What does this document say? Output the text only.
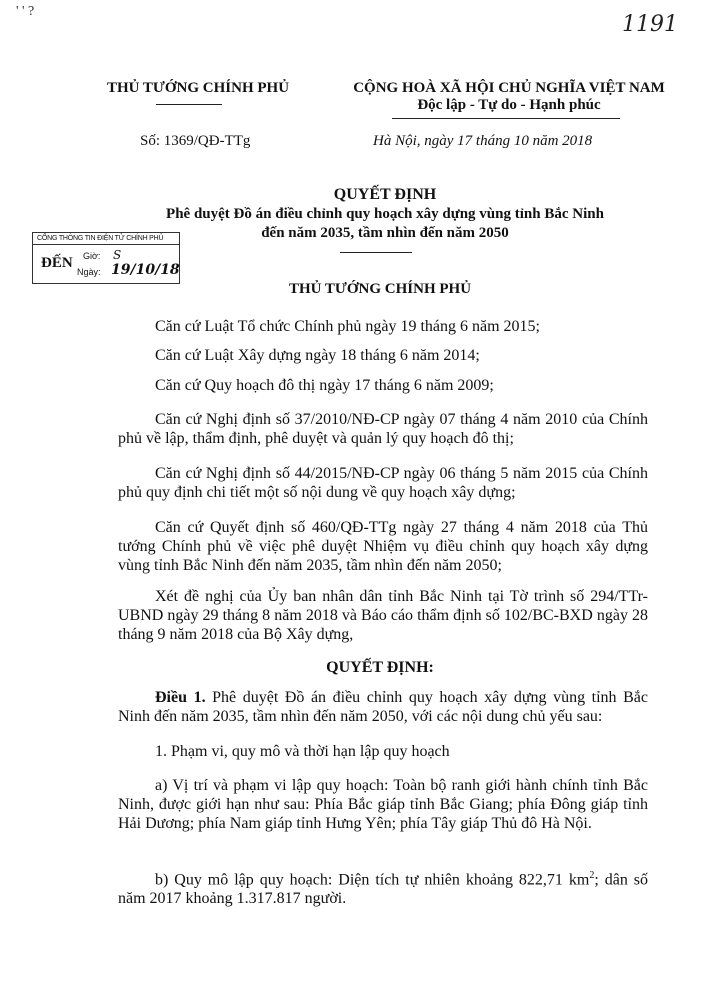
' ' ?
1191
THỦ TƯỚNG CHÍNH PHỦ
Số: 1369/QĐ-TTg
CỘNG HOÀ XÃ HỘI CHỦ NGHĨA VIỆT NAM
Độc lập - Tự do - Hạnh phúc
Hà Nội, ngày 17 tháng 10 năm 2018
QUYẾT ĐỊNH
Phê duyệt Đồ án điều chỉnh quy hoạch xây dựng vùng tỉnh Bắc Ninh
đến năm 2035, tầm nhìn đến năm 2050
CỔNG THÔNG TIN ĐIỆN TỬ CHÍNH PHỦ
ĐẾN Giờ: S
Ngày: 19/10/18
THỦ TƯỚNG CHÍNH PHỦ
Căn cứ Luật Tổ chức Chính phủ ngày 19 tháng 6 năm 2015;
Căn cứ Luật Xây dựng ngày 18 tháng 6 năm 2014;
Căn cứ Quy hoạch đô thị ngày 17 tháng 6 năm 2009;
Căn cứ Nghị định số 37/2010/NĐ-CP ngày 07 tháng 4 năm 2010 của Chính phủ về lập, thẩm định, phê duyệt và quản lý quy hoạch đô thị;
Căn cứ Nghị định số 44/2015/NĐ-CP ngày 06 tháng 5 năm 2015 của Chính phủ quy định chi tiết một số nội dung về quy hoạch xây dựng;
Căn cứ Quyết định số 460/QĐ-TTg ngày 27 tháng 4 năm 2018 của Thủ tướng Chính phủ về việc phê duyệt Nhiệm vụ điều chỉnh quy hoạch xây dựng vùng tỉnh Bắc Ninh đến năm 2035, tầm nhìn đến năm 2050;
Xét đề nghị của Ủy ban nhân dân tỉnh Bắc Ninh tại Tờ trình số 294/TTr-UBND ngày 29 tháng 8 năm 2018 và Báo cáo thẩm định số 102/BC-BXD ngày 28 tháng 9 năm 2018 của Bộ Xây dựng,
QUYẾT ĐỊNH:
Điều 1. Phê duyệt Đồ án điều chỉnh quy hoạch xây dựng vùng tỉnh Bắc Ninh đến năm 2035, tầm nhìn đến năm 2050, với các nội dung chủ yếu sau:
1. Phạm vi, quy mô và thời hạn lập quy hoạch
a) Vị trí và phạm vi lập quy hoạch: Toàn bộ ranh giới hành chính tỉnh Bắc Ninh, được giới hạn như sau: Phía Bắc giáp tỉnh Bắc Giang; phía Đông giáp tỉnh Hải Dương; phía Nam giáp tỉnh Hưng Yên; phía Tây giáp Thủ đô Hà Nội.
b) Quy mô lập quy hoạch: Diện tích tự nhiên khoảng 822,71 $km^2$; dân số năm 2017 khoảng 1.317.817 người.
